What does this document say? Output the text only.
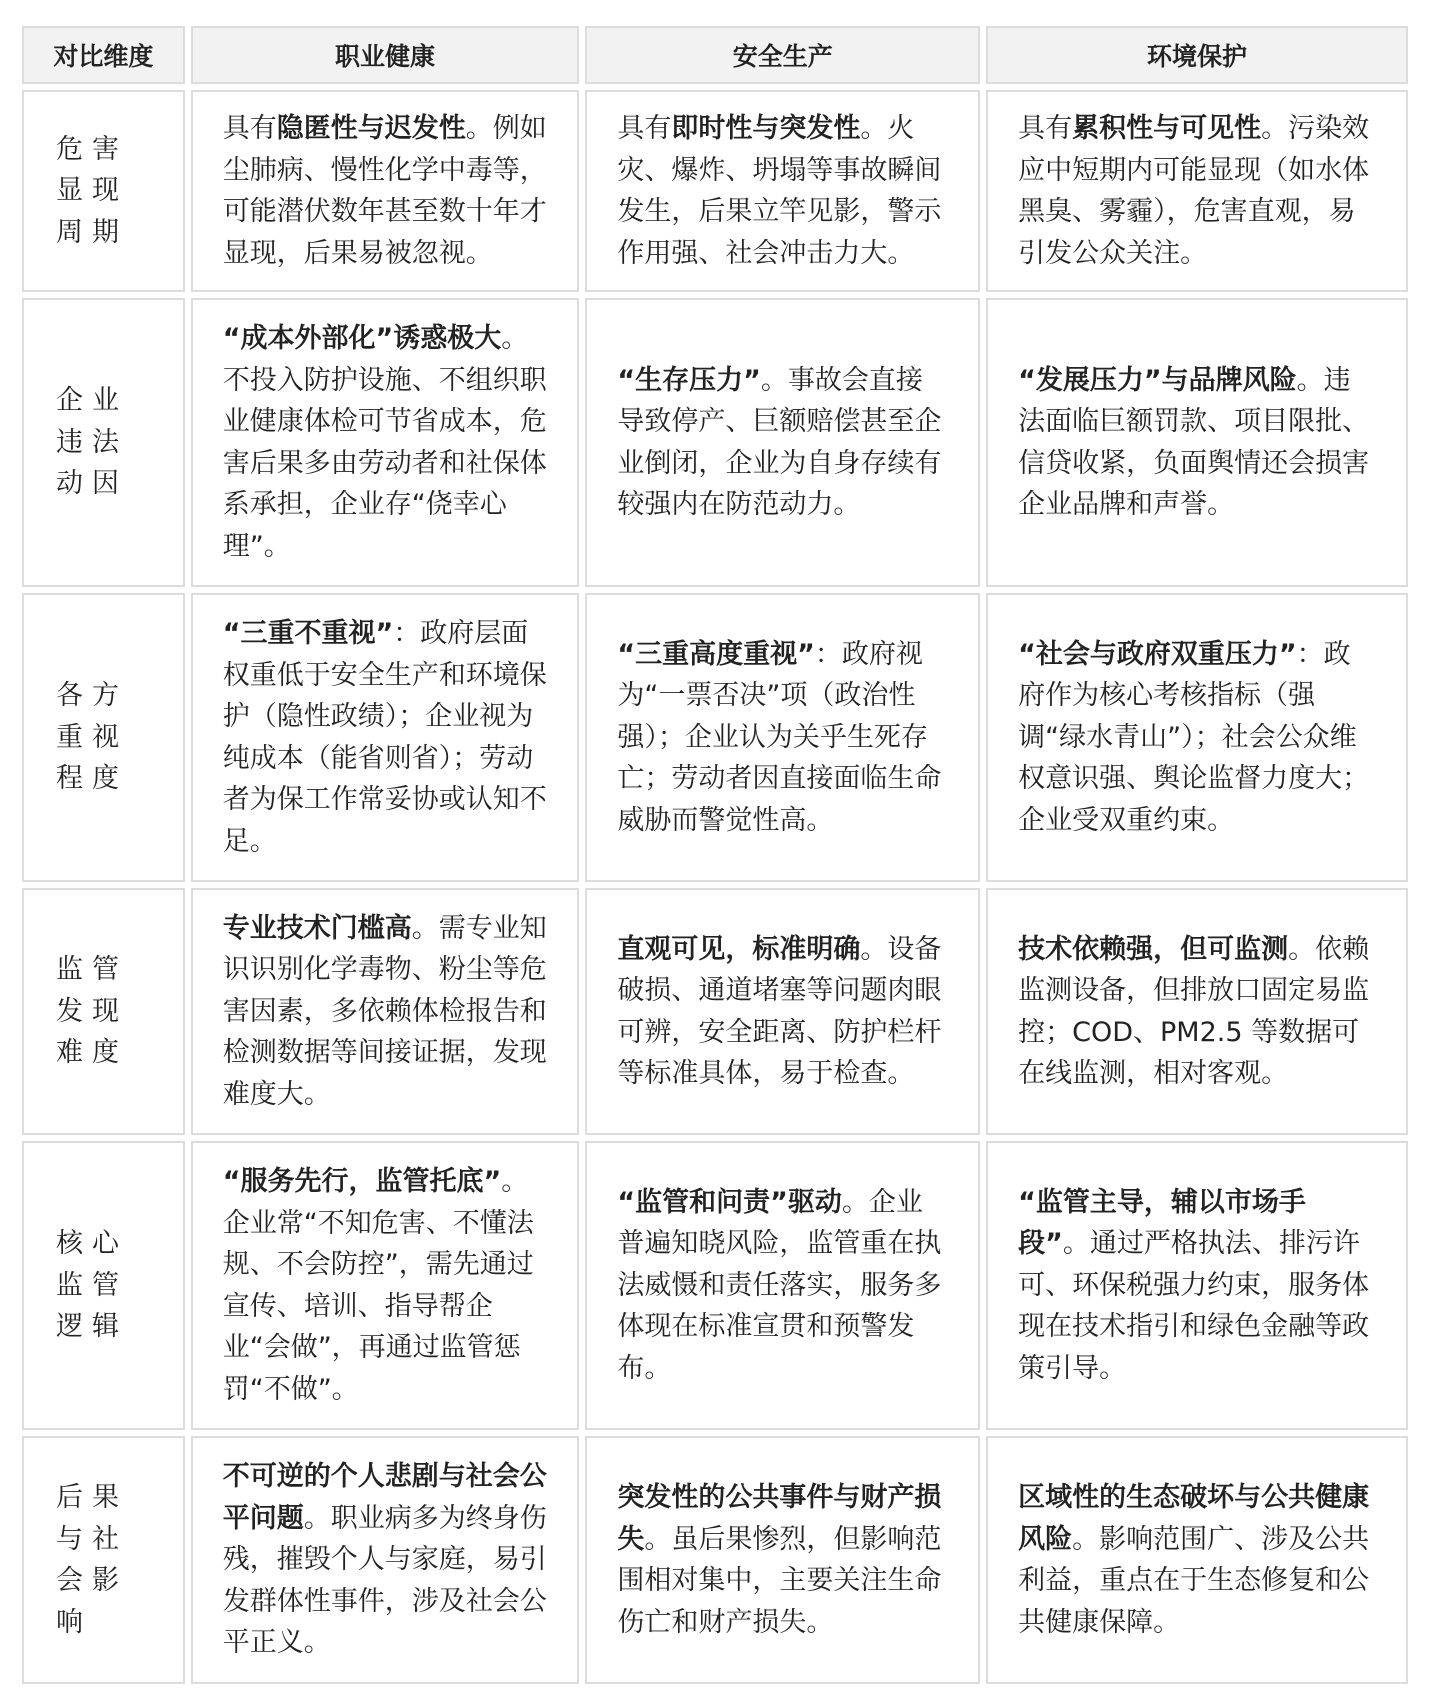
对比维度	职业健康	安全生产	环境保护
危害显现周期	具有隐匿性与迟发性。例如尘肺病、慢性化学中毒等，可能潜伏数年甚至数十年才显现，后果易被忽视。	具有即时性与突发性。火灾、爆炸、坍塌等事故瞬间发生，后果立竿见影，警示作用强、社会冲击力大。	具有累积性与可见性。污染效应中短期内可能显现（如水体黑臭、雾霾），危害直观，易引发公众关注。
企业违法动因	“成本外部化”诱惑极大。不投入防护设施、不组织职业健康体检可节省成本，危害后果多由劳动者和社保体系承担，企业存“侥幸心理”。	“生存压力”。事故会直接导致停产、巨额赔偿甚至企业倒闭，企业为自身存续有较强内在防范动力。	“发展压力”与品牌风险。违法面临巨额罚款、项目限批、信贷收紧，负面舆情还会损害企业品牌和声誉。
各方重视程度	“三重不重视”：政府层面权重低于安全生产和环境保护（隐性政绩）；企业视为纯成本（能省则省）；劳动者为保工作常妥协或认知不足。	“三重高度重视”：政府视为“一票否决”项（政治性强）；企业认为关乎生死存亡；劳动者因直接面临生命威胁而警觉性高。	“社会与政府双重压力”：政府作为核心考核指标（强调“绿水青山”）；社会公众维权意识强、舆论监督力度大；企业受双重约束。
监管发现难度	专业技术门槛高。需专业知识识别化学毒物、粉尘等危害因素，多依赖体检报告和检测数据等间接证据，发现难度大。	直观可见，标准明确。设备破损、通道堵塞等问题肉眼可辨，安全距离、防护栏杆等标准具体，易于检查。	技术依赖强，但可监测。依赖监测设备，但排放口固定易监控；COD、PM2.5 等数据可在线监测，相对客观。
核心监管逻辑	“服务先行，监管托底”。企业常“不知危害、不懂法规、不会防控”，需先通过宣传、培训、指导帮企业“会做”，再通过监管惩罚“不做”。	“监管和问责”驱动。企业普遍知晓风险，监管重在执法威慑和责任落实，服务多体现在标准宣贯和预警发布。	“监管主导，辅以市场手段”。通过严格执法、排污许可、环保税强力约束，服务体现在技术指引和绿色金融等政策引导。
后果与社会影响	不可逆的个人悲剧与社会公平问题。职业病多为终身伤残，摧毁个人与家庭，易引发群体性事件，涉及社会公平正义。	突发性的公共事件与财产损失。虽后果惨烈，但影响范围相对集中，主要关注生命伤亡和财产损失。	区域性的生态破坏与公共健康风险。影响范围广、涉及公共利益，重点在于生态修复和公共健康保障。
